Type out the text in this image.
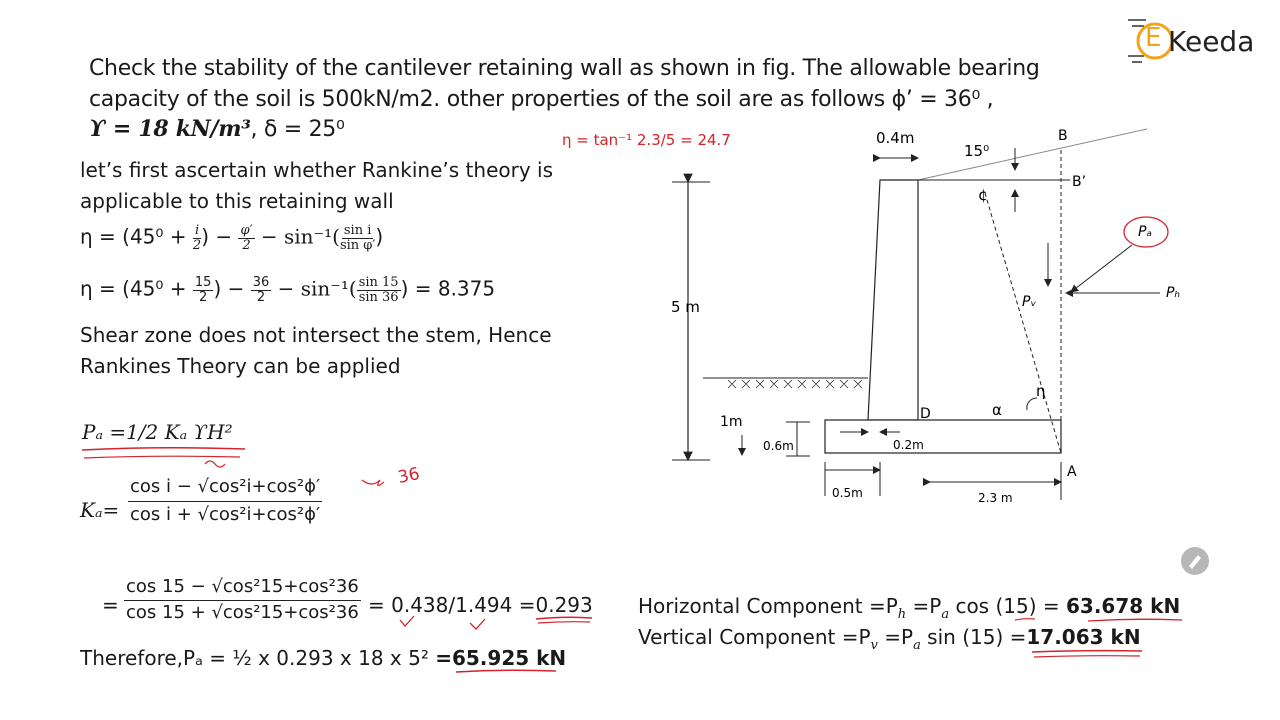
E Keeda
Check the stability of the cantilever retaining wall as shown in fig. The allowable bearing
capacity of the soil is 500kN/m2. other properties of the soil are as follows ϕ’ = 36⁰ ,
ϒ = 18 kN/m³, δ = 25⁰	η = tan⁻¹ 2.3/5 = 24.7
let’s first ascertain whether Rankine’s theory is
applicable to this retaining wall
$\eta = (45^0 + \frac{i}{2}$ ) − $\frac{\varphi'}{2} - \sin^{-1}( \frac{\text{sin i}}{\text{sin φ′}}$ )
$\eta = (45^0 + \frac{15}{2}$ ) − $\frac{36}{2} - \sin^{-1}( \frac{\sin 15}{\sin 36}$ ) = 8.375
Shear zone does not intersect the stem, Hence
Rankines Theory can be applied
Pₐ =1/2 Kₐ ϒH²
$K_a= \frac{\text{cos i − √cos²i+cos²ϕ′}}{\text{cos i + √cos²i+cos²ϕ′}}$
36
= $\frac{\text{cos 15 − √cos²15+cos²36}}{\text{cos 15 + √cos²15+cos²36}} = 0.438/1.494 =0.293$
Therefore,Pₐ = ½ x 0.293 x 18 x 5² =65.925 kN
Horizontal Component $=P_h =P_a$ cos (15) = 63.678 kN
Vertical Component $=P_v =P_a$ sin (15) =17.063 kN
0.4m
15⁰
B
B’
¢
Pₐ
Pₕ
Pᵥ
5 m
η
α
D
A
1m
0.6m	0.2m
0.5m	2.3 m
